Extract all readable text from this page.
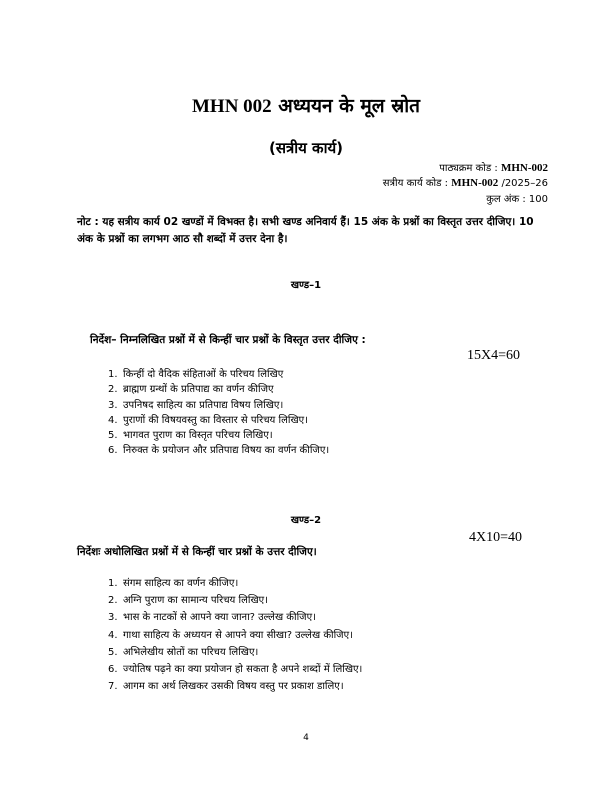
MHN 002 अध्ययन के मूल स्रोत
(सत्रीय कार्य)
पाठ्यक्रम कोड : MHN-002
सत्रीय कार्य कोड : MHN-002 /2025–26
कुल अंक : 100
नोट : यह सत्रीय कार्य 02 खण्डों में विभक्त है। सभी खण्ड अनिवार्य हैं। 15 अंक के प्रश्नों का विस्तृत उत्तर दीजिए। 10 अंक के प्रश्नों का लगभग आठ सौ शब्दों में उत्तर देना है।
खण्ड–1
निर्देश– निम्नलिखित प्रश्नों में से किन्हीं चार प्रश्नों के विस्तृत उत्तर दीजिए :
15X4=60
1. किन्हीं दो वैदिक संहिताओं के परिचय लिखिए
2. ब्राह्मण ग्रन्थों के प्रतिपाद्य का वर्णन कीजिए
3. उपनिषद साहित्य का प्रतिपाद्य विषय लिखिए।
4. पुराणों की विषयवस्तु का विस्तार से परिचय लिखिए।
5. भागवत पुराण का विस्तृत परिचय लिखिए।
6. निरुक्त के प्रयोजन और प्रतिपाद्य विषय का वर्णन कीजिए।
खण्ड–2
4X10=40
निर्देशः अधोलिखित प्रश्नों में से किन्हीं चार प्रश्नों के उत्तर दीजिए।
1. संगम साहित्य का वर्णन कीजिए।
2. अग्नि पुराण का सामान्य परिचय लिखिए।
3. भास के नाटकों से आपने क्या जाना? उल्लेख कीजिए।
4. गाथा साहित्य के अध्ययन से आपने क्या सीखा? उल्लेख कीजिए।
5. अभिलेखीय स्रोतों का परिचय लिखिए।
6. ज्योतिष पढ़ने का क्या प्रयोजन हो सकता है अपने शब्दों में लिखिए।
7. आगम का अर्थ लिखकर उसकी विषय वस्तु पर प्रकाश डालिए।
4
